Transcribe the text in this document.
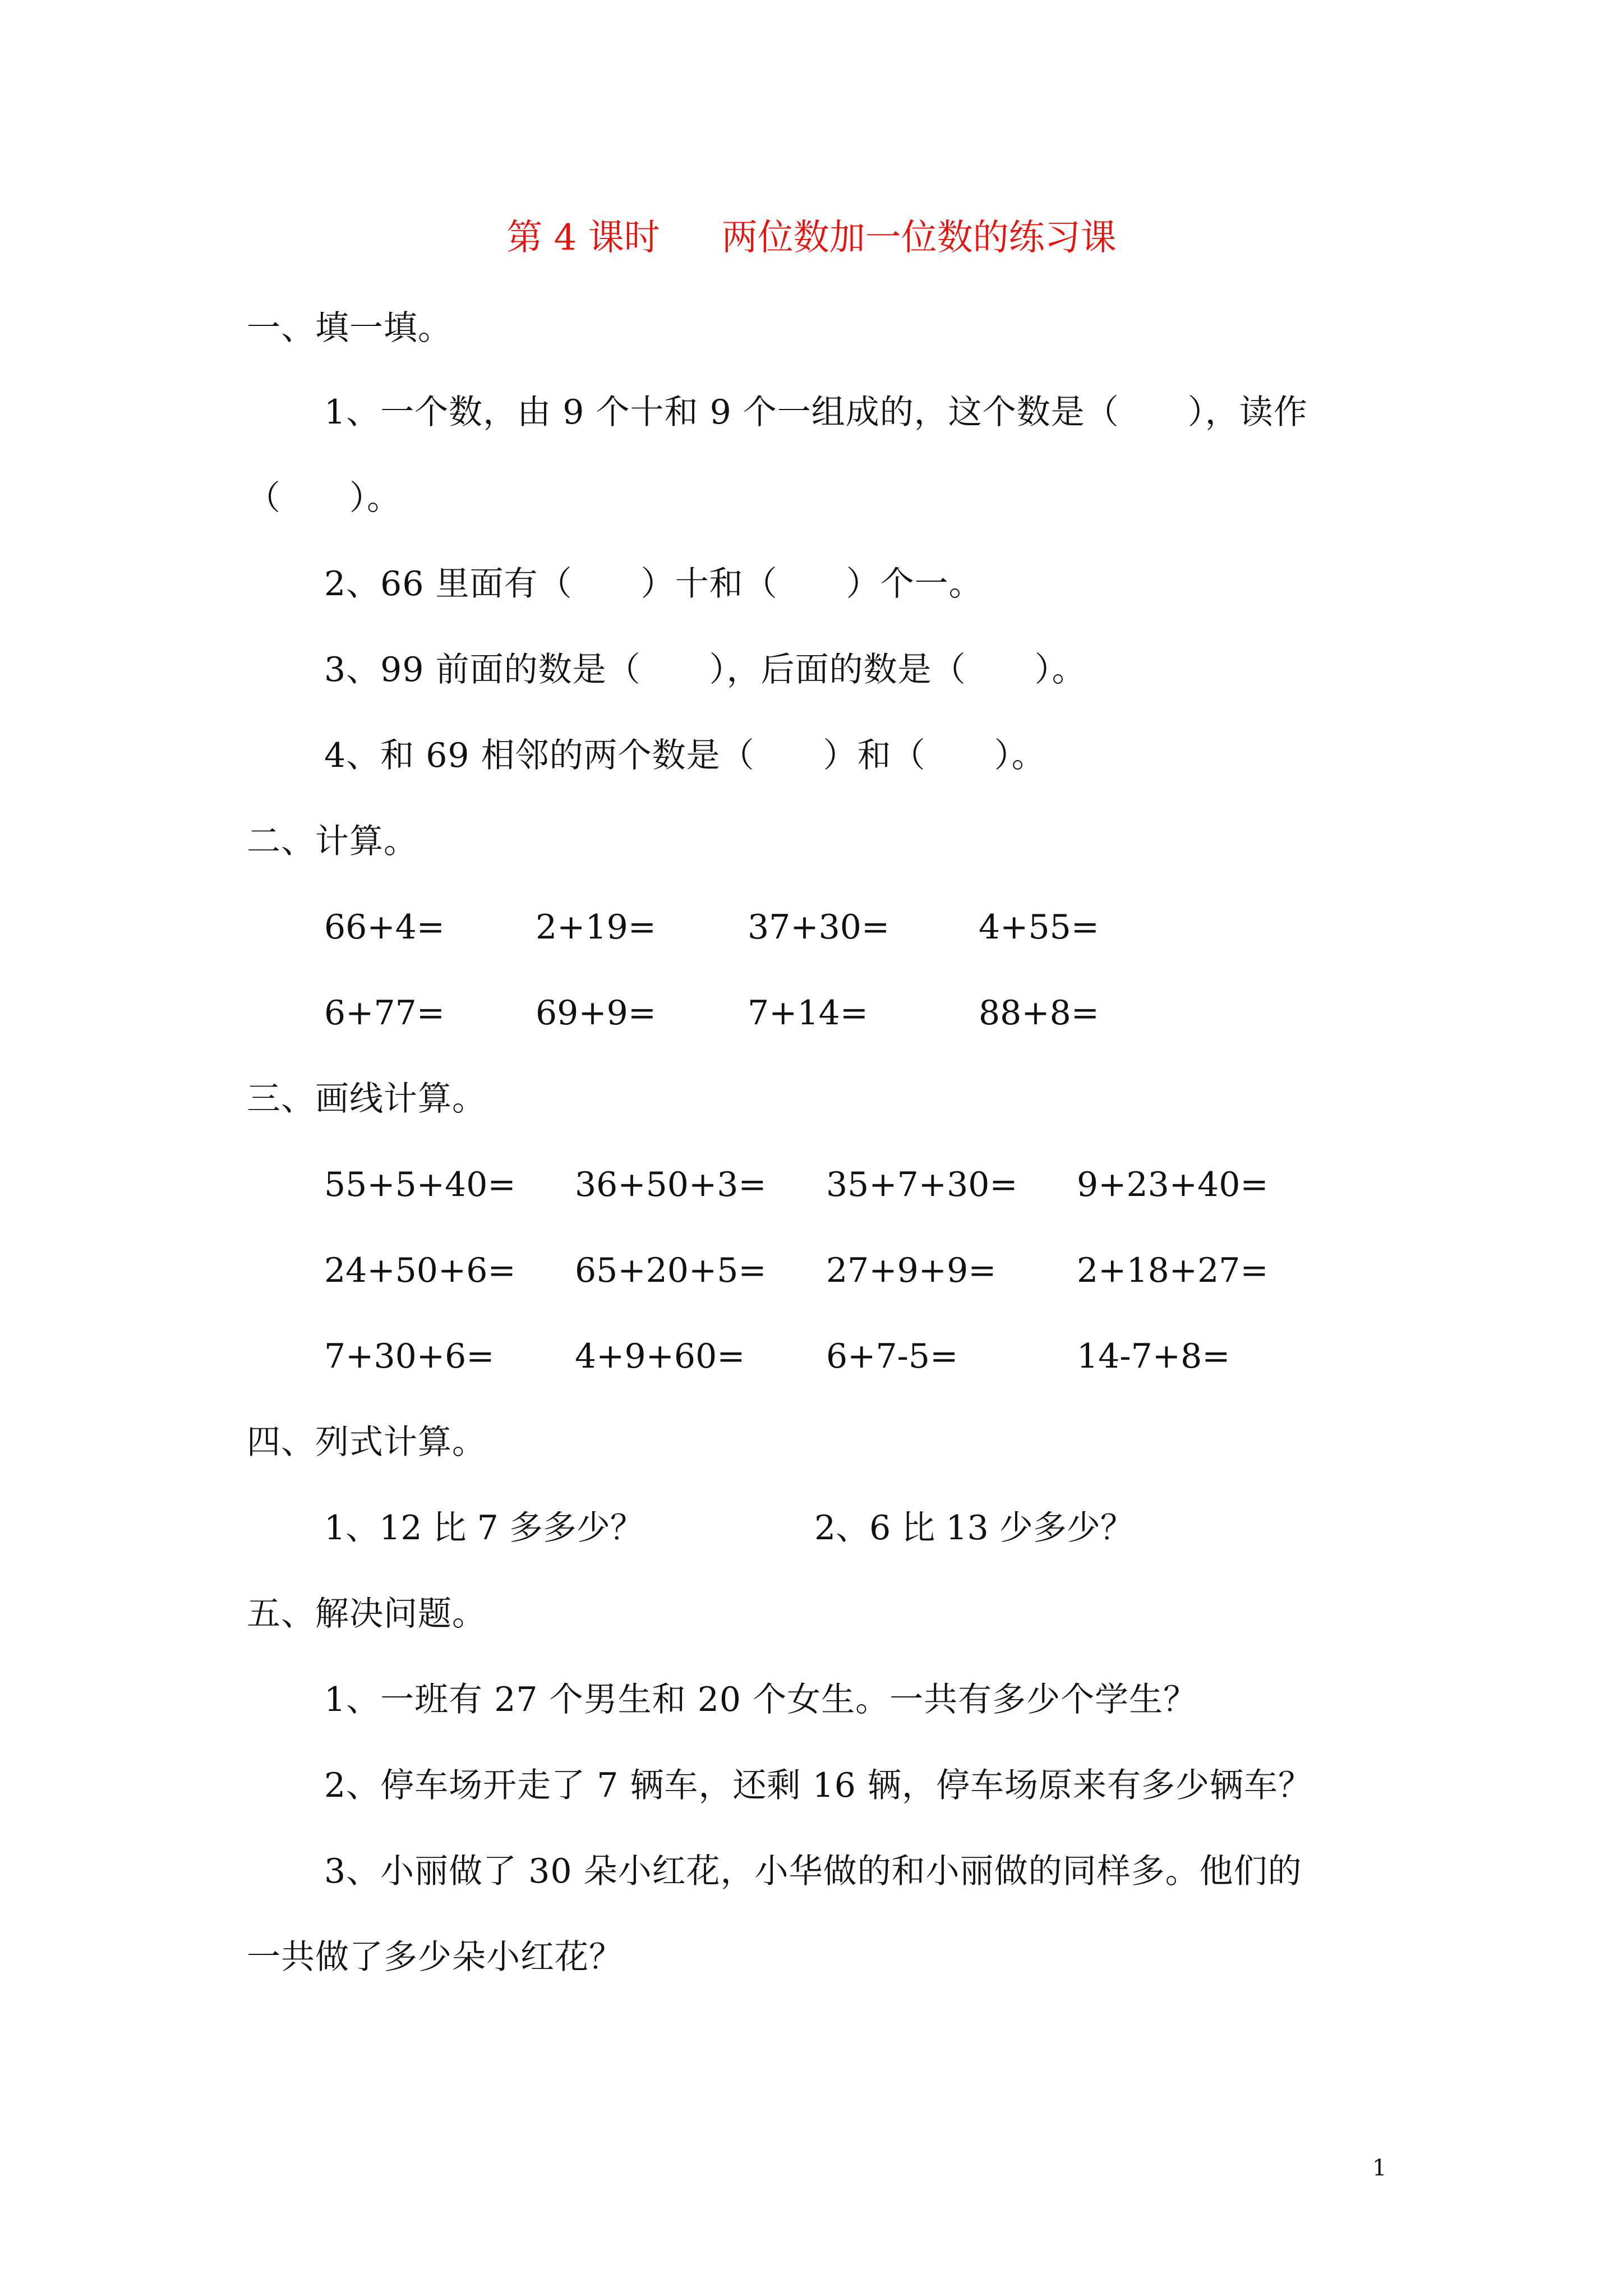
第 4 课时 两位数加一位数的练习课
一、填一填。
1、一个数，由 9 个十和 9 个一组成的，这个数是（　　），读作
（　　）。
2、66 里面有（　　）十和（　　）个一。
3、99 前面的数是（　　），后面的数是（　　）。
4、和 69 相邻的两个数是（　　）和（　　）。
二、计算。
66+4=	2+19=	37+30=	4+55=
6+77=	69+9=	7+14=	88+8=
三、画线计算。
55+5+40= 36+50+3= 35+7+30= 9+23+40=
24+50+6= 65+20+5= 27+9+9= 2+18+27=
7+30+6= 4+9+60= 6+7-5=	14-7+8=
四、列式计算。
1、12 比 7 多多少？	2、6 比 13 少多少？
五、解决问题。
1、一班有 27 个男生和 20 个女生。一共有多少个学生？
2、停车场开走了 7 辆车，还剩 16 辆，停车场原来有多少辆车？
3、小丽做了 30 朵小红花，小华做的和小丽做的同样多。他们的
一共做了多少朵小红花？
1
